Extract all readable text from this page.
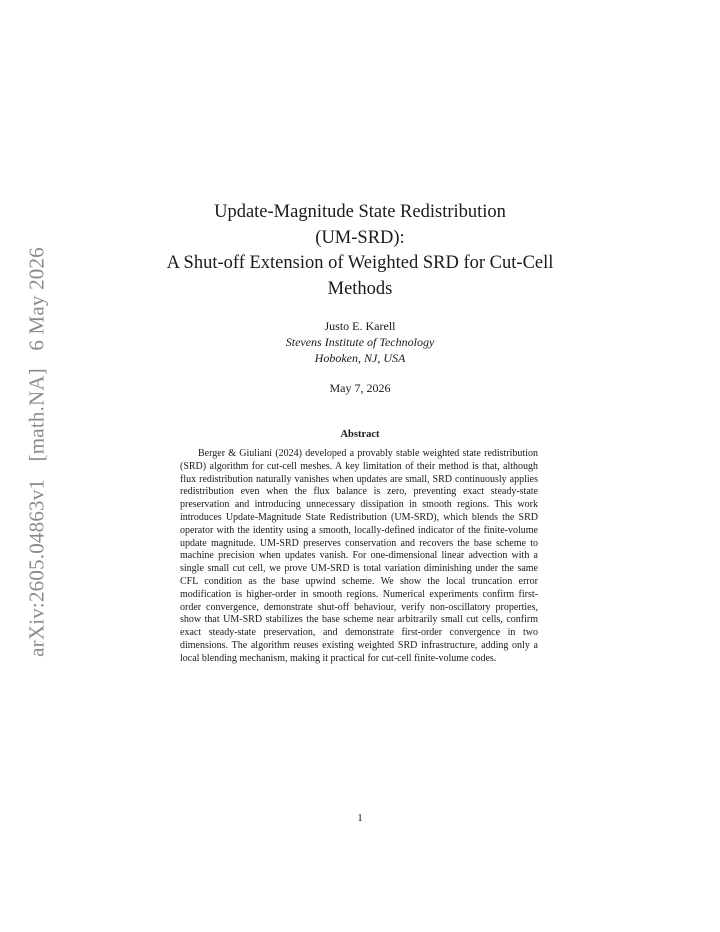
arXiv:2605.04863v1 [math.NA] 6 May 2026
Update-Magnitude State Redistribution
(UM-SRD):
A Shut-off Extension of Weighted SRD for Cut-Cell
Methods
Justo E. Karell
Stevens Institute of Technology
Hoboken, NJ, USA
May 7, 2026
Abstract
Berger & Giuliani (2024) developed a provably stable weighted state redistribution (SRD) algorithm for cut-cell meshes. A key limitation of their method is that, although flux redistribution naturally vanishes when updates are small, SRD continuously applies redistribution even when the flux balance is zero, preventing exact steady-state preservation and introducing unnecessary dissipation in smooth regions. This work introduces Update-Magnitude State Redistribution (UM-SRD), which blends the SRD operator with the identity using a smooth, locally-defined indicator of the finite-volume update magnitude. UM-SRD preserves conservation and recovers the base scheme to machine precision when updates vanish. For one-dimensional linear advection with a single small cut cell, we prove UM-SRD is total variation diminishing under the same CFL condition as the base upwind scheme. We show the local truncation error modification is higher-order in smooth regions. Numerical experiments confirm first-order convergence, demonstrate shut-off behaviour, verify non-oscillatory properties, show that UM-SRD stabilizes the base scheme near arbitrarily small cut cells, confirm exact steady-state preservation, and demonstrate first-order convergence in two dimensions. The algorithm reuses existing weighted SRD infrastructure, adding only a local blending mechanism, making it practical for cut-cell finite-volume codes.
1
